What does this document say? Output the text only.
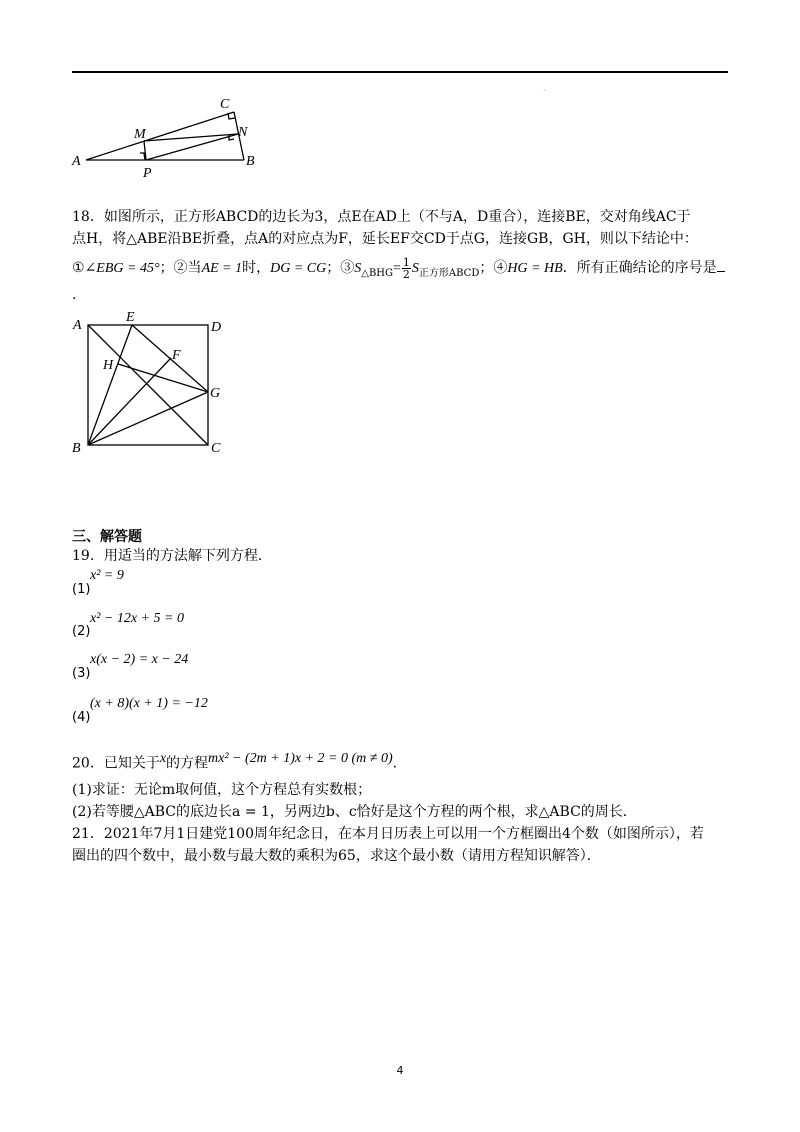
·
A	B
C
M	N
P
18．如图所示，正方形ABCD的边长为3，点E在AD上（不与A，D重合），连接BE，交对角线AC于
点H，将△ABE沿BE折叠，点A的对应点为F，延长EF交CD于点G，连接GB，GH，则以下结论中：
①∠EBG = 45°；②当AE = 1时，DG = CG；$③S_{\triangle BHG}= \frac{1}{2} S_{正方形ABCD}$；④HG = HB．所有正确结论的序号是
.
A
E
D
F
H
G
B	C
三、解答题
19．用适当的方法解下列方程．
x² = 9
(1)
x² − 12x + 5 = 0
(2)
x(x − 2) = x − 24
(3)
(x + 8)(x + 1) = −12
(4)
20．已知关于$^x$的方程$^{mx^2 - (2m + 1)x + 2 = 0 (m \ne 0)}$.
(1)求证：无论m取何值，这个方程总有实数根；
(2)若等腰△ABC的底边长a = 1，另两边b、c恰好是这个方程的两个根，求△ABC的周长．
21．2021年7月1日建党100周年纪念日，在本月日历表上可以用一个方框圈出4个数（如图所示），若
圈出的四个数中，最小数与最大数的乘积为65，求这个最小数（请用方程知识解答）．
4
